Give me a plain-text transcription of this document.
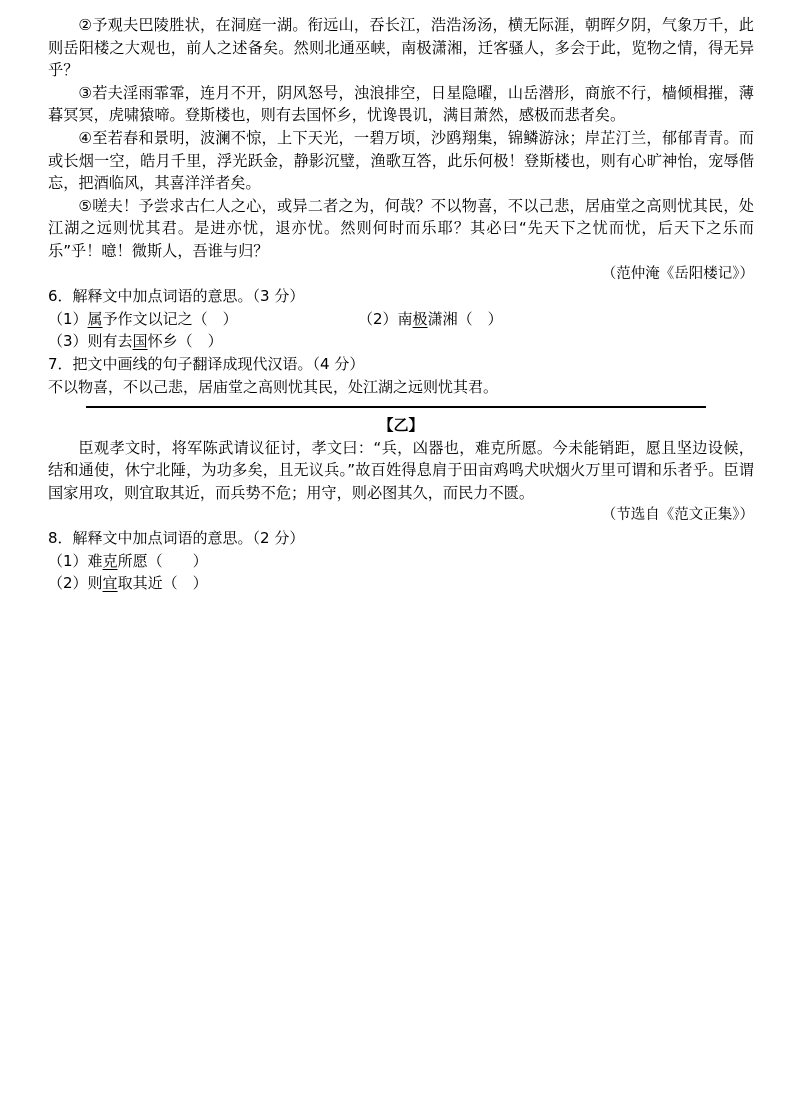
②予观夫巴陵胜状，在洞庭一湖。衔远山，吞长江，浩浩汤汤，横无际涯，朝晖夕阴，气象万千，此则岳阳楼之大观也，前人之述备矣。然则北通巫峡，南极潇湘，迁客骚人，多会于此，览物之情，得无异乎？

③若夫淫雨霏霏，连月不开，阴风怒号，浊浪排空，日星隐曜，山岳潜形，商旅不行，樯倾楫摧，薄暮冥冥，虎啸猿啼。登斯楼也，则有去国怀乡，忧谗畏讥，满目萧然，感极而悲者矣。

④至若春和景明，波澜不惊，上下天光，一碧万顷，沙鸥翔集，锦鳞游泳；岸芷汀兰，郁郁青青。而或长烟一空，皓月千里，浮光跃金，静影沉璧，渔歌互答，此乐何极！登斯楼也，则有心旷神怡，宠辱偕忘，把酒临风，其喜洋洋者矣。

⑤嗟夫！予尝求古仁人之心，或异二者之为，何哉？不以物喜，不以己悲，居庙堂之高则忧其民，处江湖之远则忧其君。是进亦忧，退亦忧。然则何时而乐耶？其必曰“先天下之忧而忧，后天下之乐而乐”乎！噫！微斯人，吾谁与归？

（范仲淹《岳阳楼记》）

6．解释文中加点词语的意思。（3 分）

（1）属予作文以记之（　）	（2）南极潇湘（　）
（3）则有去 国 怀乡（　）

7．把文中画线的句子翻译成现代汉语。（4 分）

不以物喜，不以己悲，居庙堂之高则忧其民，处江湖之远则忧其君。

【乙】

臣观孝文时，将军陈武请议征讨，孝文曰：“兵，凶器也，难克所愿。今未能销距，愿且坚边设候，结和通使，休宁北陲，为功多矣，且无议兵。”故百姓得息肩于田亩鸡鸣犬吠烟火万里可谓和乐者乎。臣谓国家用攻，则宜取其近，而兵势不危；用守，则必图其久，而民力不匮。

（节选自《范文正集》）

8．解释文中加点词语的意思。（2 分）

（1）难 克 所愿（　　）
（2）则 宜 取其近（　）
